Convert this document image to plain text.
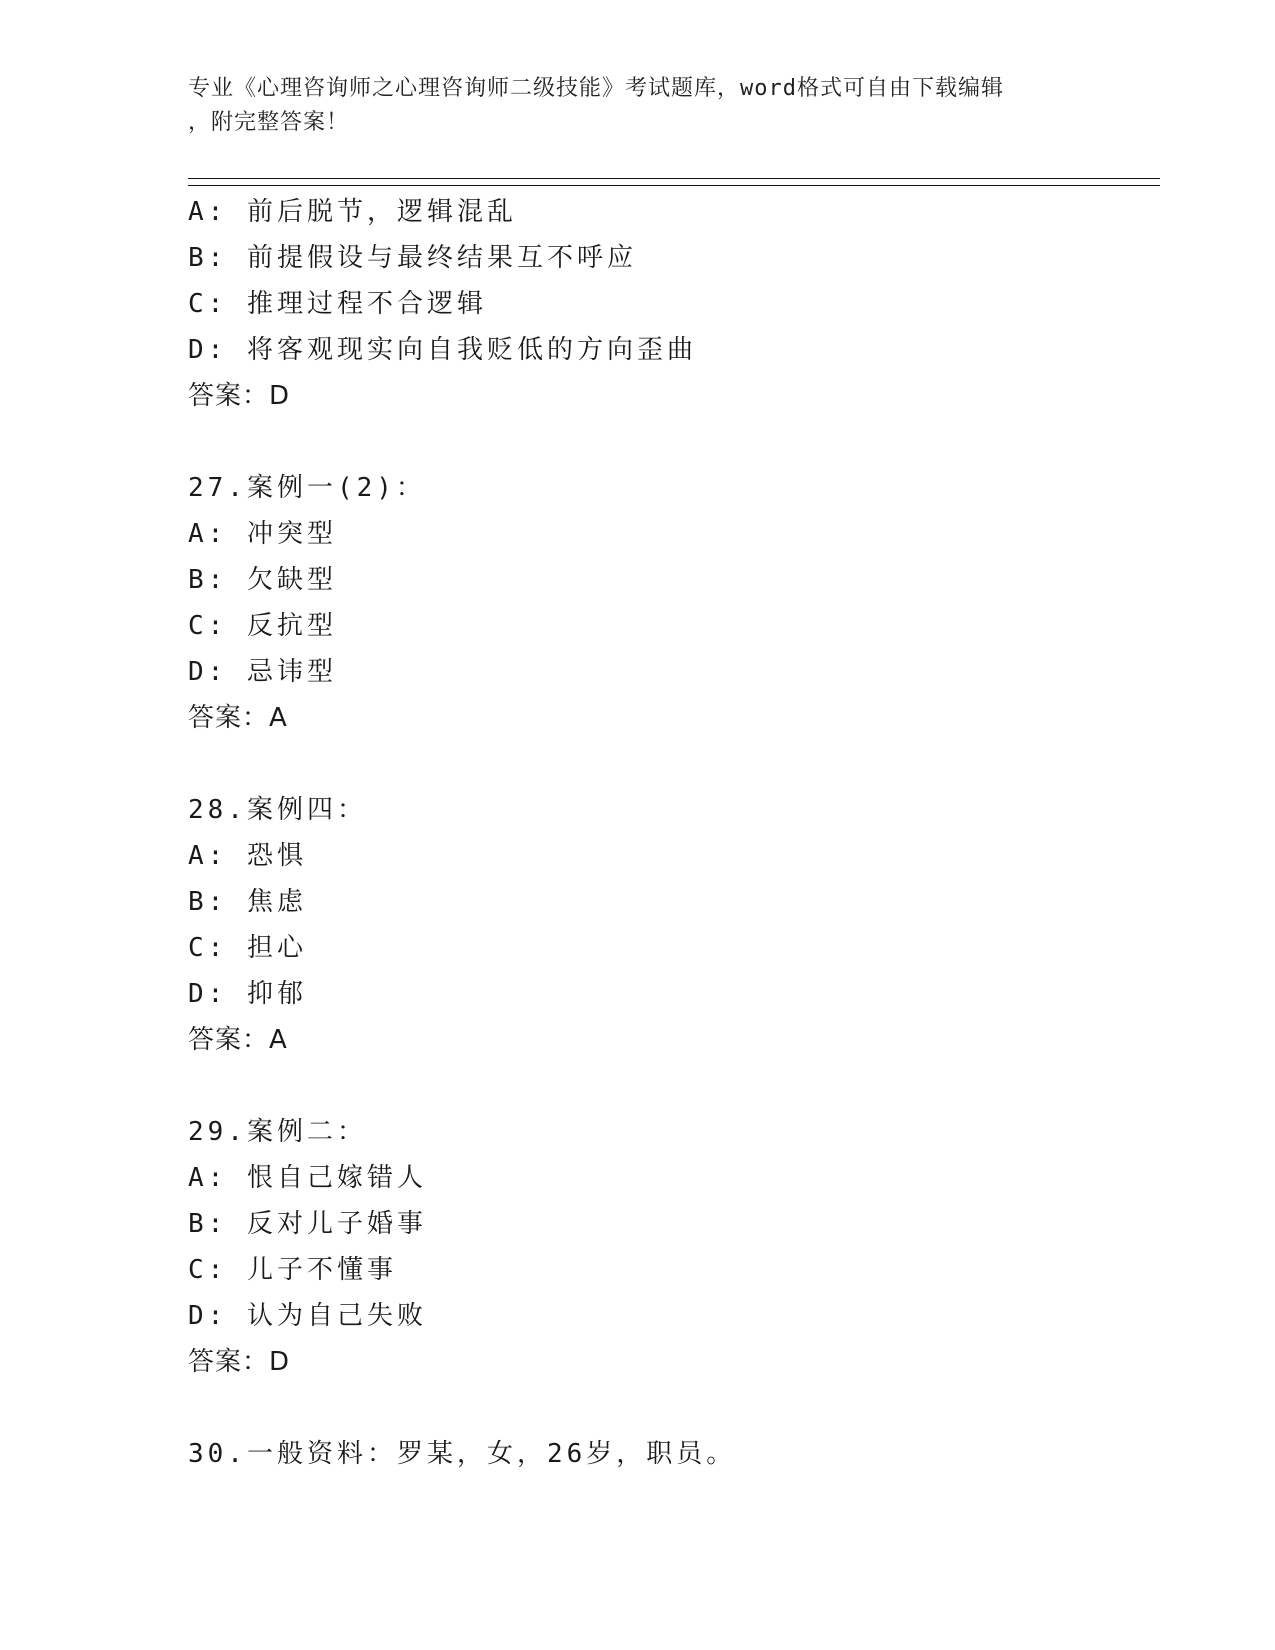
专业《心理咨询师之心理咨询师二级技能》考试题库，word格式可自由下载编辑
，附完整答案！
A: 前后脱节，逻辑混乱
B: 前提假设与最终结果互不呼应
C: 推理过程不合逻辑
D: 将客观现实向自我贬低的方向歪曲
答案：D
27.案例一(2)：
A: 冲突型
B: 欠缺型
C: 反抗型
D: 忌讳型
答案：A
28.案例四：
A: 恐惧
B: 焦虑
C: 担心
D: 抑郁
答案：A
29.案例二：
A: 恨自己嫁错人
B: 反对儿子婚事
C: 儿子不懂事
D: 认为自己失败
答案：D
30.一般资料：罗某，女，26岁，职员。
